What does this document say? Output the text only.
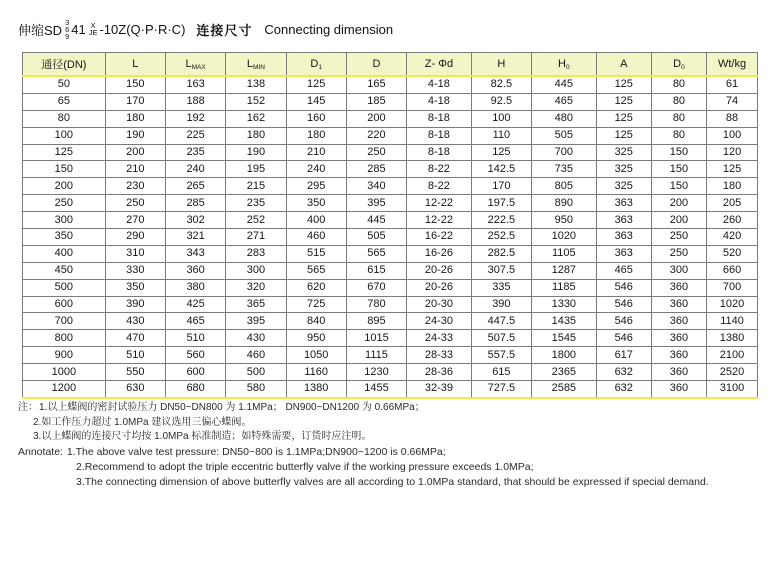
伸缩SD
3
6
9 41 X
JE -10Z(Q·P·R·C) 连接尺寸 Connecting dimension
通径(DN)	L	$L_{MAX}$	$L_{MIN}$	$D_1$	D	Z- Φd	H	$H_0$	A	$D_0$	Wt/kg
50	150	163	138	125	165	4-18	82.5	445	125	80	61
65	170	188	152	145	185	4-18	92.5	465	125	80	74
80	180	192	162	160	200	8-18	100	480	125	80	88
100	190	225	180	180	220	8-18	110	505	125	80	100
125	200	235	190	210	250	8-18	125	700	325	150	120
150	210	240	195	240	285	8-22	142.5	735	325	150	125
200	230	265	215	295	340	8-22	170	805	325	150	180
250	250	285	235	350	395	12-22	197.5	890	363	200	205
300	270	302	252	400	445	12-22	222.5	950	363	200	260
350	290	321	271	460	505	16-22	252.5	1020	363	250	420
400	310	343	283	515	565	16-26	282.5	1105	363	250	520
450	330	360	300	565	615	20-26	307.5	1287	465	300	660
500	350	380	320	620	670	20-26	335	1185	546	360	700
600	390	425	365	725	780	20-30	390	1330	546	360	1020
700	430	465	395	840	895	24-30	447.5	1435	546	360	1140
800	470	510	430	950	1015	24-33	507.5	1545	546	360	1380
900	510	560	460	1050	1115	28-33	557.5	1800	617	360	2100
1000	550	600	500	1160	1230	28-36	615	2365	632	360	2520
1200	630	680	580	1380	1455	32-39	727.5	2585	632	360	3100
注：1.以上蝶阀的密封试验压力 DN50~DN800 为 1.1MPa； DN900~DN1200 为 0.66MPa；
2.如工作压力超过 1.0MPa 建议选用三偏心蝶阀。
3.以上蝶阀的连接尺寸均按 1.0MPa 标准制造；如特殊需要，订货时应注明。
Annotate: 1.The above valve test pressure: DN50~800 is 1.1MPa;DN900~1200 is 0.66MPa;
2.Recommend to adopt the triple eccentric butterfly valve if the working pressure exceeds 1.0MPa;
3.The connecting dimension of above butterfly valves are all according to 1.0MPa standard, that should be expressed if special demand.
